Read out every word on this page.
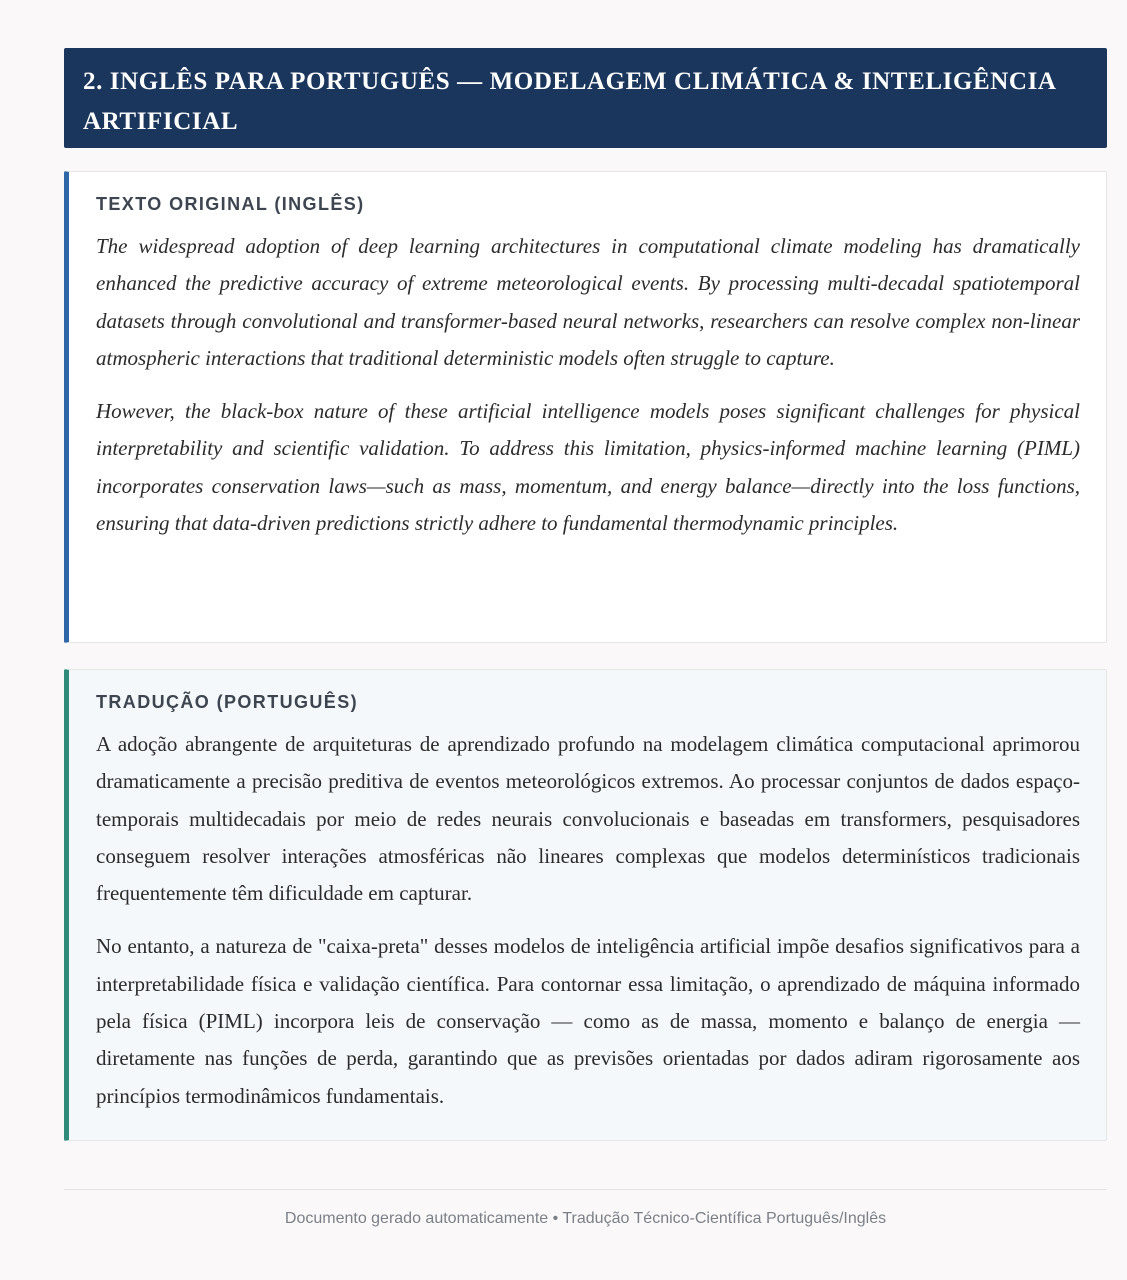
2. INGLÊS PARA PORTUGUÊS — MODELAGEM CLIMÁTICA & INTELIGÊNCIA ARTIFICIAL
TEXTO ORIGINAL (INGLÊS)

The widespread adoption of deep learning architectures in computational climate modeling has dramatically enhanced the predictive accuracy of extreme meteorological events. By processing multi-decadal spatiotemporal datasets through convolutional and transformer-based neural networks, researchers can resolve complex non-linear atmospheric interactions that traditional deterministic models often struggle to capture.

However, the black-box nature of these artificial intelligence models poses significant challenges for physical interpretability and scientific validation. To address this limitation, physics-informed machine learning (PIML) incorporates conservation laws—such as mass, momentum, and energy balance—directly into the loss functions, ensuring that data-driven predictions strictly adhere to fundamental thermodynamic principles.

TRADUÇÃO (PORTUGUÊS)

A adoção abrangente de arquiteturas de aprendizado profundo na modelagem climática computacional aprimorou dramaticamente a precisão preditiva de eventos meteorológicos extremos. Ao processar conjuntos de dados espaço-temporais multidecadais por meio de redes neurais convolucionais e baseadas em transformers, pesquisadores conseguem resolver interações atmosféricas não lineares complexas que modelos determinísticos tradicionais frequentemente têm dificuldade em capturar.

No entanto, a natureza de "caixa-preta" desses modelos de inteligência artificial impõe desafios significativos para a interpretabilidade física e validação científica. Para contornar essa limitação, o aprendizado de máquina informado pela física (PIML) incorpora leis de conservação — como as de massa, momento e balanço de energia — diretamente nas funções de perda, garantindo que as previsões orientadas por dados adiram rigorosamente aos princípios termodinâmicos fundamentais.

Documento gerado automaticamente • Tradução Técnico-Científica Português/Inglês
